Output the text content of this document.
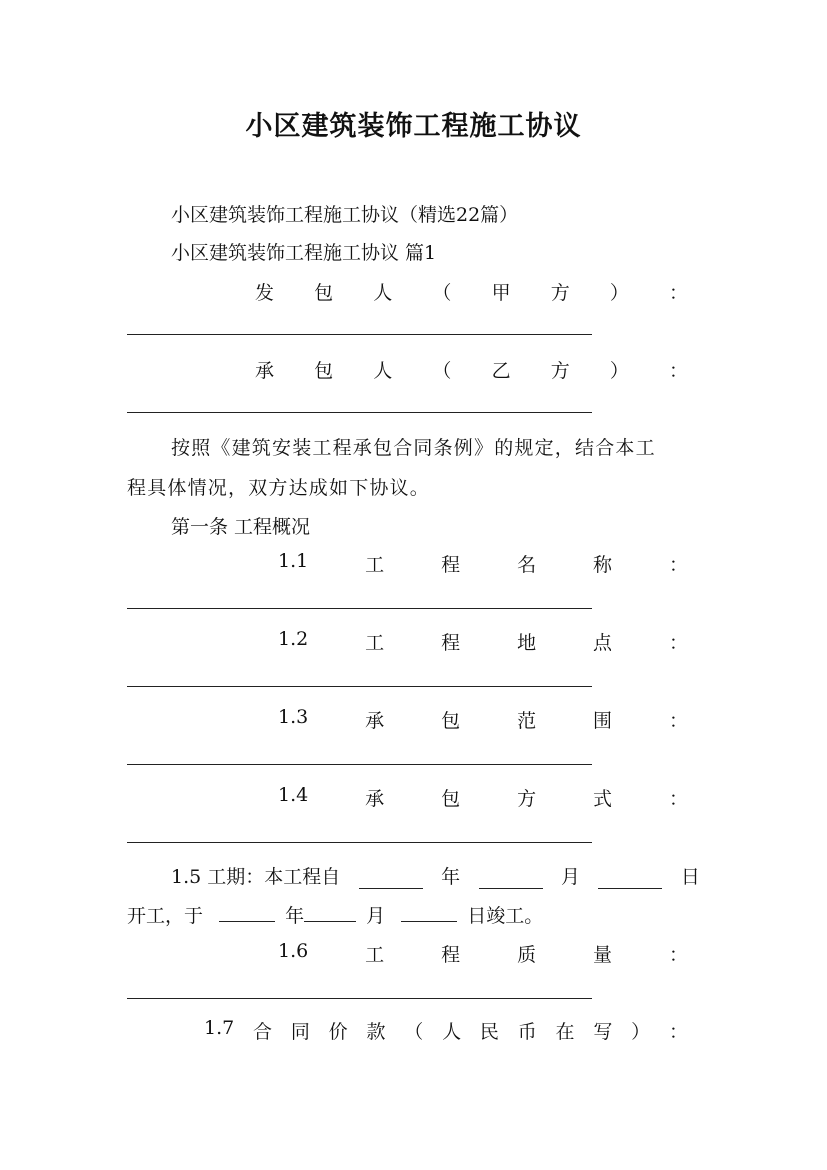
小区建筑装饰工程施工协议
小区建筑装饰工程施工协议（精选22篇）
小区建筑装饰工程施工协议 篇1
发 包 人 （ 甲 方 ） ：
承 包 人 （ 乙 方 ） ：
按照《建筑安装工程承包合同条例》的规定，结合本工
程具体情况，双方达成如下协议。
第一条 工程概况
1.1	工	程	名	称	：
1.2	工	程	地	点	：
1.3	承	包	范	围	：
1.4	承	包	方	式	：
1.5 工期：本工程自	年	月	日
开工，于	年	月	日竣工。
1.6	工	程	质	量	：
1.7 合 同 价 款 （ 人 民 币 在 写 ） ：
